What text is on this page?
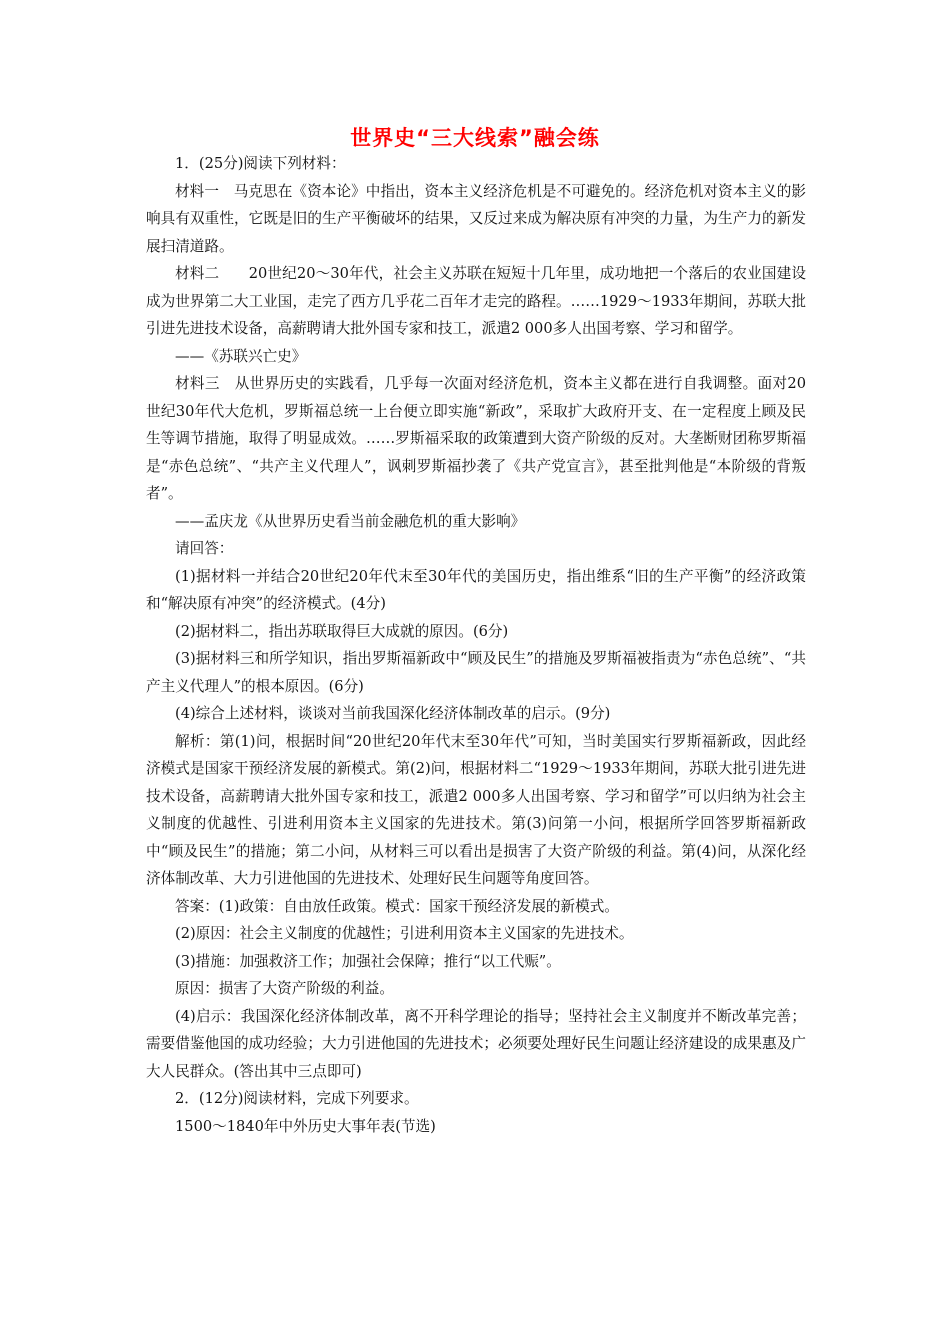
世界史“三大线索”融会练

1．(25分)阅读下列材料：

材料一　马克思在《资本论》中指出，资本主义经济危机是不可避免的。经济危机对资本主义的影响具有双重性，它既是旧的生产平衡破坏的结果，又反过来成为解决原有冲突的力量，为生产力的新发展扫清道路。

材料二　　20世纪20～30年代，社会主义苏联在短短十几年里，成功地把一个落后的农业国建设成为世界第二大工业国，走完了西方几乎花二百年才走完的路程。……1929～1933年期间，苏联大批引进先进技术设备，高薪聘请大批外国专家和技工，派遣2 000多人出国考察、学习和留学。

——《苏联兴亡史》

材料三　从世界历史的实践看，几乎每一次面对经济危机，资本主义都在进行自我调整。面对20世纪30年代大危机，罗斯福总统一上台便立即实施“新政”，采取扩大政府开支、在一定程度上顾及民生等调节措施，取得了明显成效。……罗斯福采取的政策遭到大资产阶级的反对。大垄断财团称罗斯福是“赤色总统”、“共产主义代理人”，讽刺罗斯福抄袭了《共产党宣言》，甚至批判他是“本阶级的背叛者”。

——孟庆龙《从世界历史看当前金融危机的重大影响》

请回答：

(1)据材料一并结合20世纪20年代末至30年代的美国历史，指出维系“旧的生产平衡”的经济政策和“解决原有冲突”的经济模式。(4分)

(2)据材料二，指出苏联取得巨大成就的原因。(6分)

(3)据材料三和所学知识，指出罗斯福新政中“顾及民生”的措施及罗斯福被指责为“赤色总统”、“共产主义代理人”的根本原因。(6分)

(4)综合上述材料，谈谈对当前我国深化经济体制改革的启示。(9分)

解析：第(1)问，根据时间“20世纪20年代末至30年代”可知，当时美国实行罗斯福新政，因此经济模式是国家干预经济发展的新模式。第(2)问，根据材料二“1929～1933年期间，苏联大批引进先进技术设备，高薪聘请大批外国专家和技工，派遣2 000多人出国考察、学习和留学”可以归纳为社会主义制度的优越性、引进利用资本主义国家的先进技术。第(3)问第一小问，根据所学回答罗斯福新政中“顾及民生”的措施；第二小问，从材料三可以看出是损害了大资产阶级的利益。第(4)问，从深化经济体制改革、大力引进他国的先进技术、处理好民生问题等角度回答。

答案：(1)政策：自由放任政策。模式：国家干预经济发展的新模式。

(2)原因：社会主义制度的优越性；引进利用资本主义国家的先进技术。

(3)措施：加强救济工作；加强社会保障；推行“以工代赈”。

原因：损害了大资产阶级的利益。

(4)启示：我国深化经济体制改革，离不开科学理论的指导；坚持社会主义制度并不断改革完善；需要借鉴他国的成功经验；大力引进他国的先进技术；必须要处理好民生问题让经济建设的成果惠及广大人民群众。(答出其中三点即可)

2．(12分)阅读材料，完成下列要求。

1500～1840年中外历史大事年表(节选)
